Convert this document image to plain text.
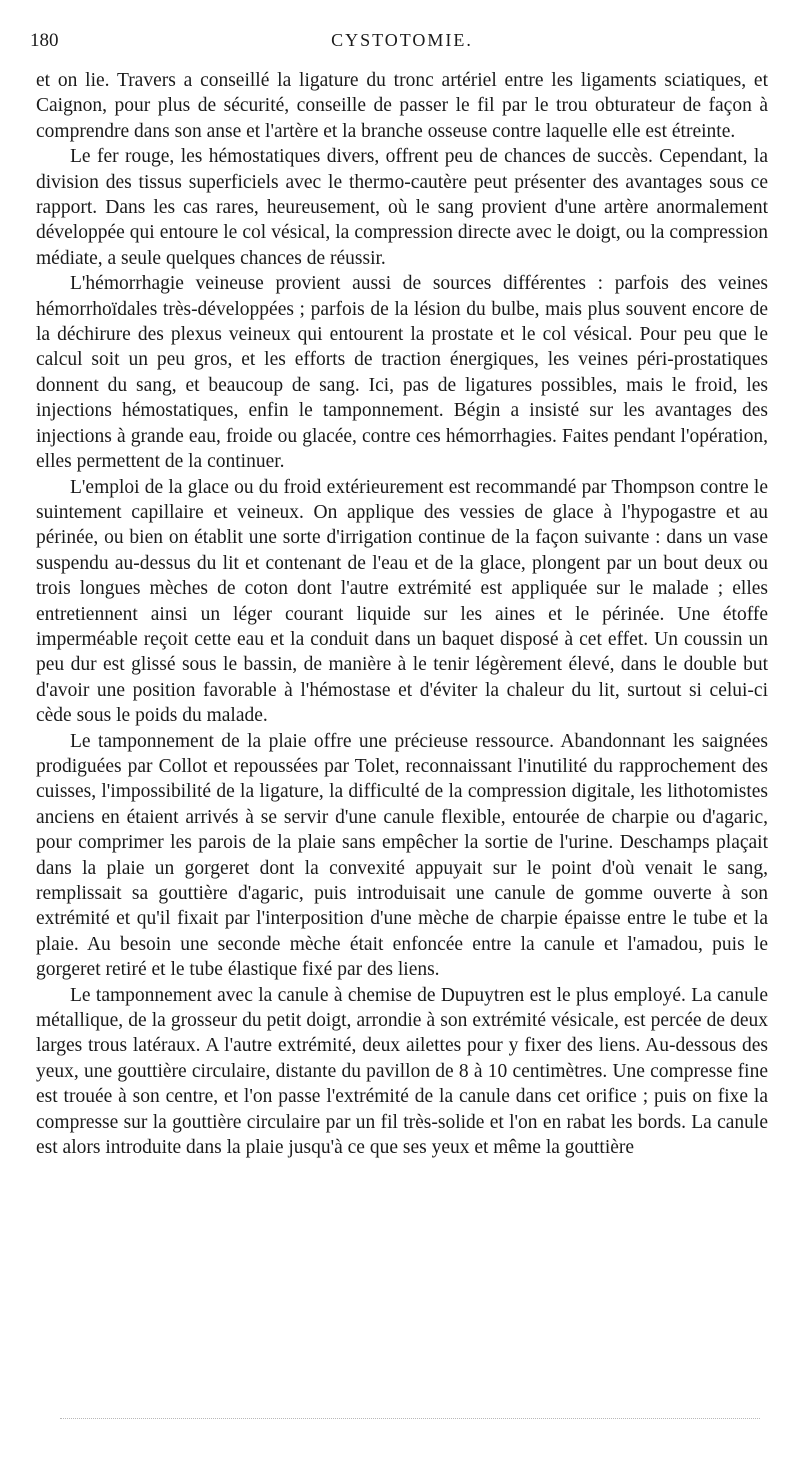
180	CYSTOTOMIE.

et on lie. Travers a conseillé la ligature du tronc artériel entre les ligaments sciatiques, et Caignon, pour plus de sécurité, conseille de passer le fil par le trou obturateur de façon à comprendre dans son anse et l'artère et la branche osseuse contre laquelle elle est étreinte.

Le fer rouge, les hémostatiques divers, offrent peu de chances de succès. Cependant, la division des tissus superficiels avec le thermo-cautère peut présenter des avantages sous ce rapport. Dans les cas rares, heureusement, où le sang provient d'une artère anormalement développée qui entoure le col vésical, la compression directe avec le doigt, ou la compression médiate, a seule quelques chances de réussir.

L'hémorrhagie veineuse provient aussi de sources différentes : parfois des veines hémorrhoïdales très-développées ; parfois de la lésion du bulbe, mais plus souvent encore de la déchirure des plexus veineux qui entourent la prostate et le col vésical. Pour peu que le calcul soit un peu gros, et les efforts de traction énergiques, les veines péri-prostatiques donnent du sang, et beaucoup de sang. Ici, pas de ligatures possibles, mais le froid, les injections hémostatiques, enfin le tamponnement. Bégin a insisté sur les avantages des injections à grande eau, froide ou glacée, contre ces hémorrhagies. Faites pendant l'opération, elles permettent de la continuer.

L'emploi de la glace ou du froid extérieurement est recommandé par Thompson contre le suintement capillaire et veineux. On applique des vessies de glace à l'hypogastre et au périnée, ou bien on établit une sorte d'irrigation continue de la façon suivante : dans un vase suspendu au-dessus du lit et contenant de l'eau et de la glace, plongent par un bout deux ou trois longues mèches de coton dont l'autre extrémité est appliquée sur le malade ; elles entretiennent ainsi un léger courant liquide sur les aines et le périnée. Une étoffe imperméable reçoit cette eau et la conduit dans un baquet disposé à cet effet. Un coussin un peu dur est glissé sous le bassin, de manière à le tenir légèrement élevé, dans le double but d'avoir une position favorable à l'hémostase et d'éviter la chaleur du lit, surtout si celui-ci cède sous le poids du malade.

Le tamponnement de la plaie offre une précieuse ressource. Abandonnant les saignées prodiguées par Collot et repoussées par Tolet, reconnaissant l'inutilité du rapprochement des cuisses, l'impossibilité de la ligature, la difficulté de la compression digitale, les lithotomistes anciens en étaient arrivés à se servir d'une canule flexible, entourée de charpie ou d'agaric, pour comprimer les parois de la plaie sans empêcher la sortie de l'urine. Deschamps plaçait dans la plaie un gorgeret dont la convexité appuyait sur le point d'où venait le sang, remplissait sa gouttière d'agaric, puis introduisait une canule de gomme ouverte à son extrémité et qu'il fixait par l'interposition d'une mèche de charpie épaisse entre le tube et la plaie. Au besoin une seconde mèche était enfoncée entre la canule et l'amadou, puis le gorgeret retiré et le tube élastique fixé par des liens.

Le tamponnement avec la canule à chemise de Dupuytren est le plus employé. La canule métallique, de la grosseur du petit doigt, arrondie à son extrémité vésicale, est percée de deux larges trous latéraux. A l'autre extrémité, deux ailettes pour y fixer des liens. Au-dessous des yeux, une gouttière circulaire, distante du pavillon de 8 à 10 centimètres. Une compresse fine est trouée à son centre, et l'on passe l'extrémité de la canule dans cet orifice ; puis on fixe la compresse sur la gouttière circulaire par un fil très-solide et l'on en rabat les bords. La canule est alors introduite dans la plaie jusqu'à ce que ses yeux et même la gouttière
